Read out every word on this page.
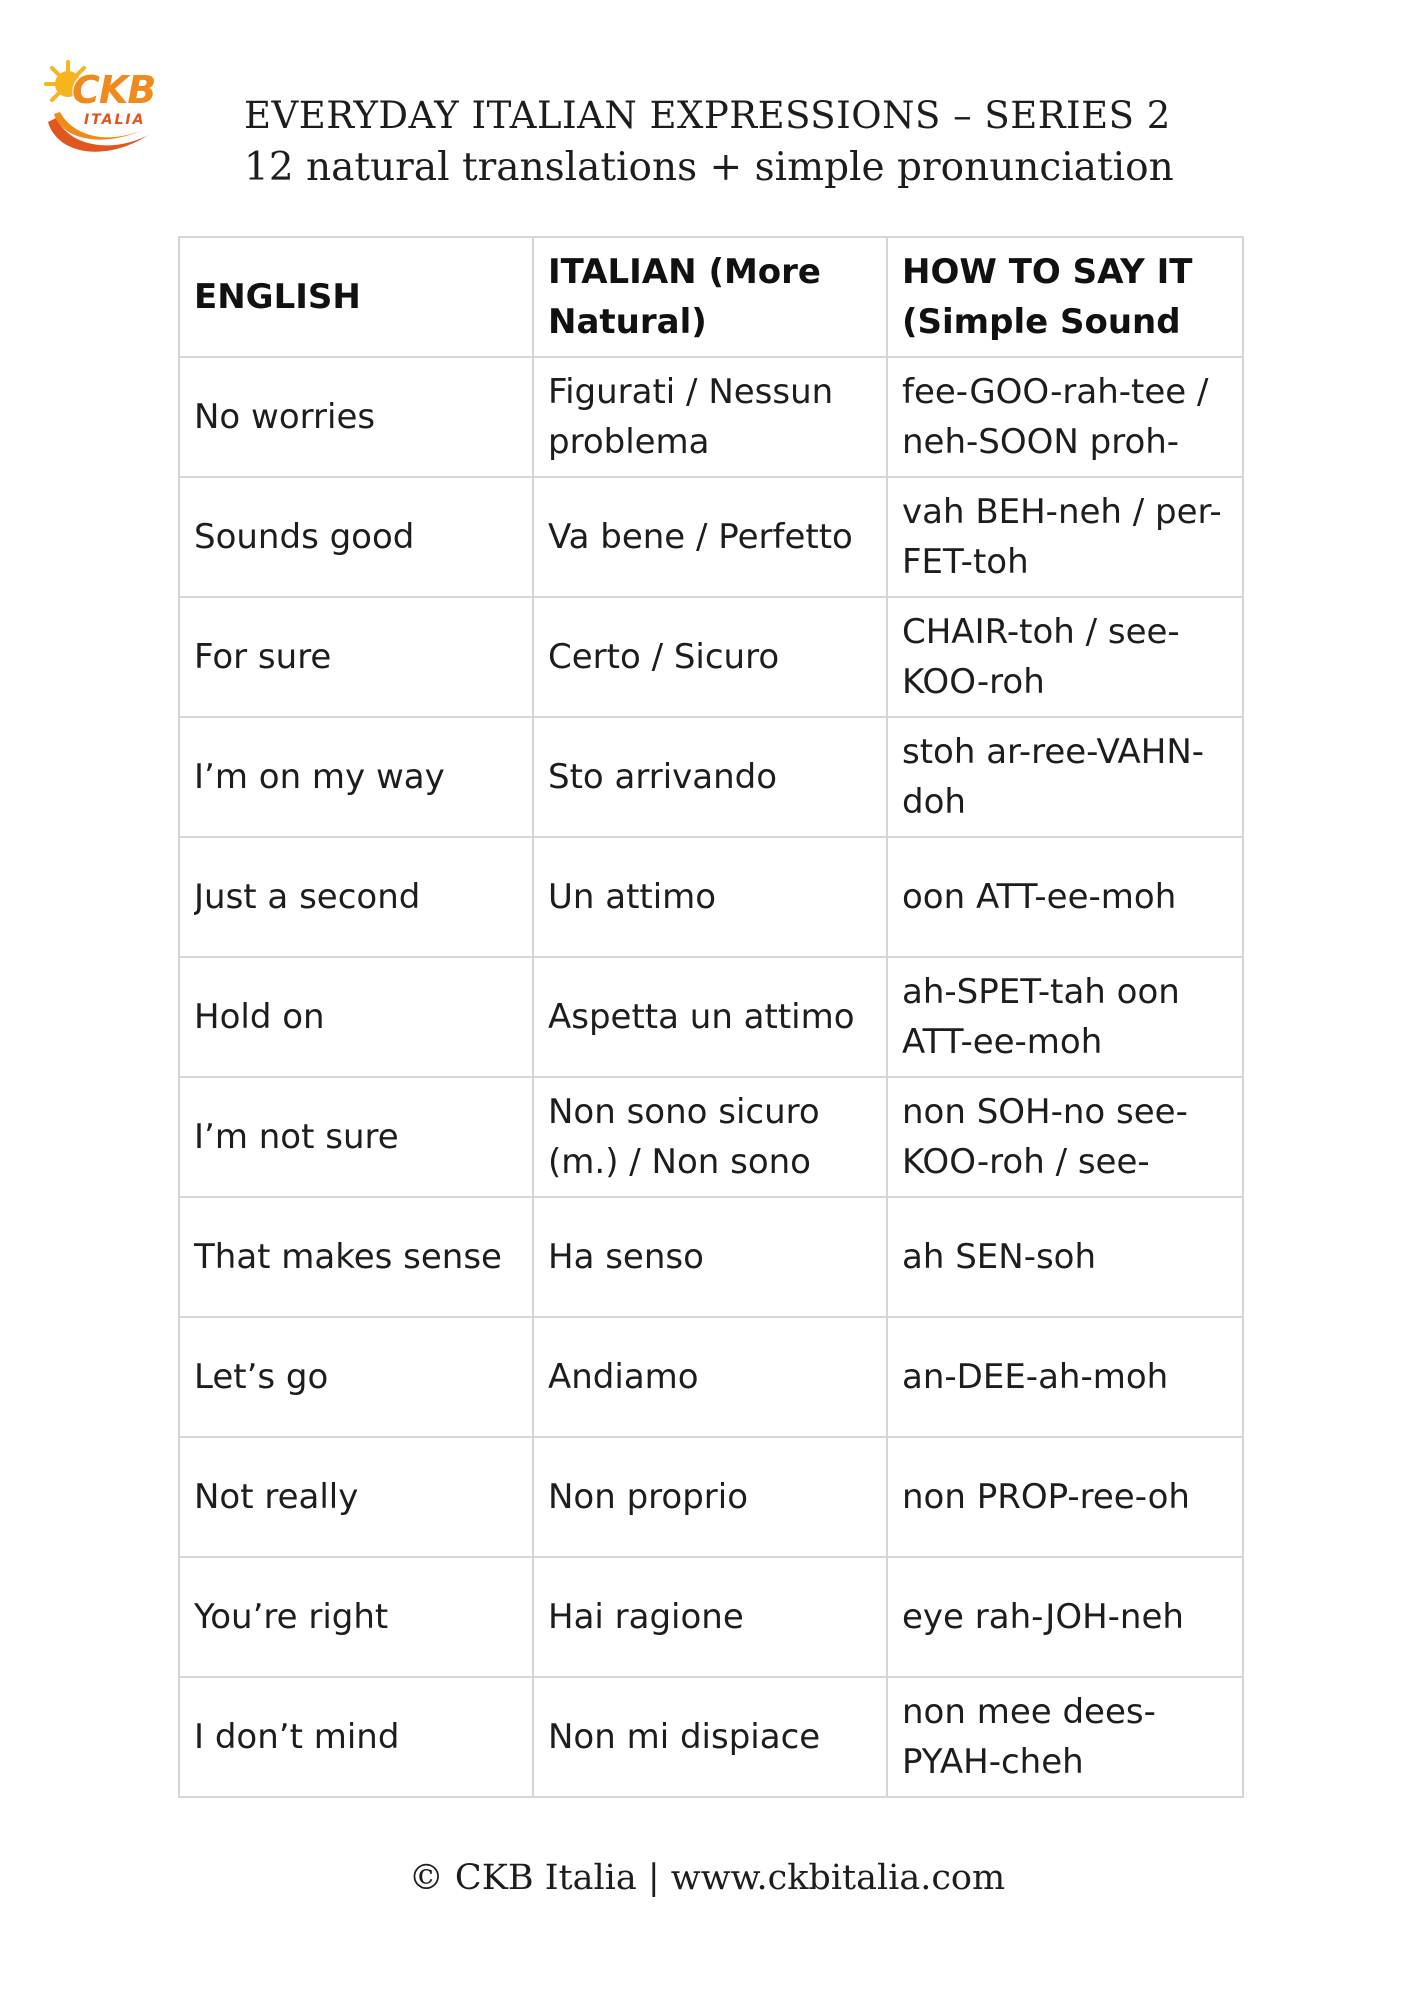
CKB
ITALIA	EVERYDAY ITALIAN EXPRESSIONS – SERIES 2
12 natural translations + simple pronunciation
ENGLISH	ITALIAN (More Natural)	HOW TO SAY IT (Simple Sound

No worries	Figurati / Nessun problema	fee-GOO-rah-tee / neh-SOON proh-

Sounds good	Va bene / Perfetto	vah BEH-neh / per-FET-toh

For sure	Certo / Sicuro	CHAIR-toh / see-KOO-roh

I’m on my way	Sto arrivando	stoh ar-ree-VAHN-doh

Just a second	Un attimo	oon ATT-ee-moh

Hold on	Aspetta un attimo	ah-SPET-tah oon ATT-ee-moh

I’m not sure	Non sono sicuro (m.) / Non sono	non SOH-no see-KOO-roh / see-

That makes sense	Ha senso	ah SEN-soh

Let’s go	Andiamo	an-DEE-ah-moh

Not really	Non proprio	non PROP-ree-oh

You’re right	Hai ragione	eye rah-JOH-neh

I don’t mind	Non mi dispiace	non mee dees-PYAH-cheh
© CKB Italia | www.ckbitalia.com
